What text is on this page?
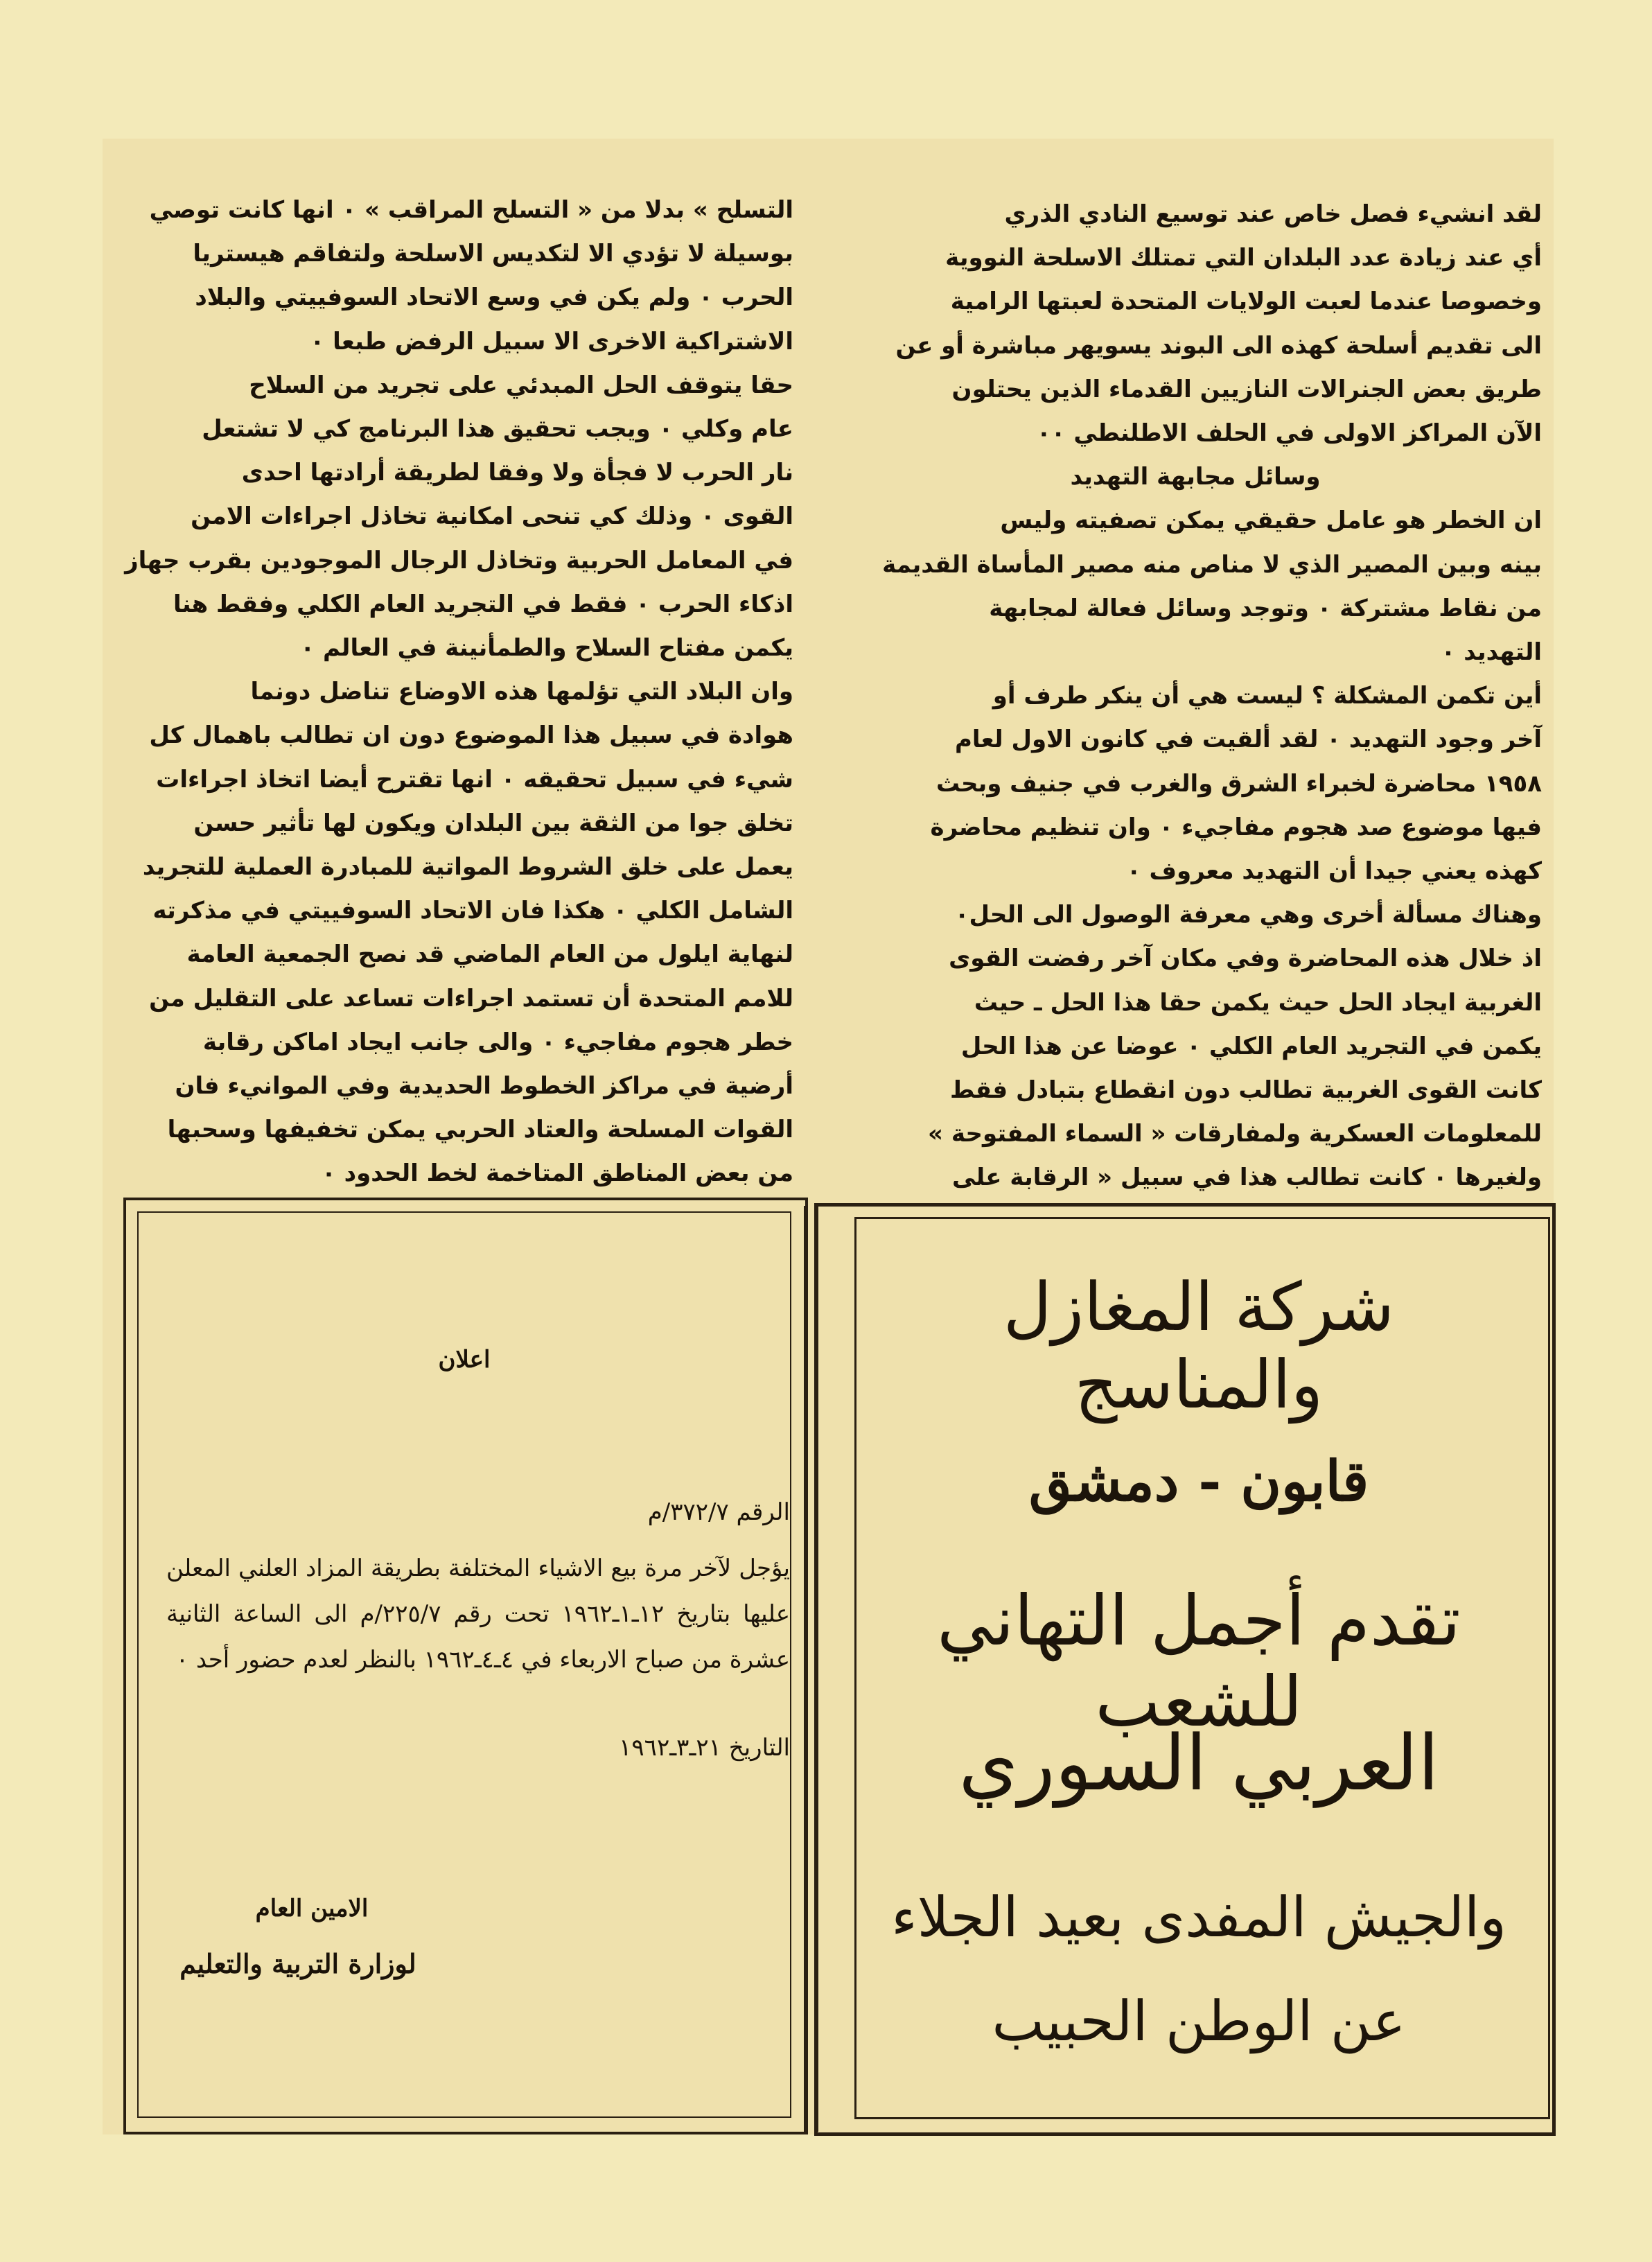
لقد انشيء فصل خاص عند توسيع النادي الذري

أي عند زيادة عدد البلدان التي تمتلك الاسلحة النووية

وخصوصا عندما لعبت الولايات المتحدة لعبتها الرامية

الى تقديم أسلحة كهذه الى البوند يسويهر مباشرة أو عن

طريق بعض الجنرالات النازيين القدماء الذين يحتلون

الآن المراكز الاولى في الحلف الاطلنطي ٠٠

وسائل مجابهة التهديد

ان الخطر هو عامل حقيقي يمكن تصفيته وليس

بينه وبين المصير الذي لا مناص منه مصير المأساة القديمة

من نقاط مشتركة ٠ وتوجد وسائل فعالة لمجابهة

التهديد ٠

أين تكمن المشكلة ؟ ليست هي أن ينكر طرف أو

آخر وجود التهديد ٠ لقد ألقيت في كانون الاول لعام

١٩٥٨ محاضرة لخبراء الشرق والغرب في جنيف وبحث

فيها موضوع صد هجوم مفاجيء ٠ وان تنظيم محاضرة

كهذه يعني جيدا أن التهديد معروف ٠

وهناك مسألة أخرى وهي معرفة الوصول الى الحل٠

اذ خلال هذه المحاضرة وفي مكان آخر رفضت القوى

الغربية ايجاد الحل حيث يكمن حقا هذا الحل ـ حيث

يكمن في التجريد العام الكلي ٠ عوضا عن هذا الحل

كانت القوى الغربية تطالب دون انقطاع بتبادل فقط

للمعلومات العسكرية ولمفارقات « السماء المفتوحة »

ولغيرها ٠ كانت تطالب هذا في سبيل « الرقابة على

التسلح » بدلا من « التسلح المراقب » ٠ انها كانت توصي

بوسيلة لا تؤدي الا لتكديس الاسلحة ولتفاقم هيستريا

الحرب ٠ ولم يكن في وسع الاتحاد السوفييتي والبلاد

الاشتراكية الاخرى الا سبيل الرفض طبعا ٠

حقا يتوقف الحل المبدئي على تجريد من السلاح

عام وكلي ٠ ويجب تحقيق هذا البرنامج كي لا تشتعل

نار الحرب لا فجأة ولا وفقا لطريقة أرادتها احدى

القوى ٠ وذلك كي تنحى امكانية تخاذل اجراءات الامن

في المعامل الحربية وتخاذل الرجال الموجودين بقرب جهاز

اذكاء الحرب ٠ فقط في التجريد العام الكلي وفقط هنا

يكمن مفتاح السلاح والطمأنينة في العالم ٠

وان البلاد التي تؤلمها هذه الاوضاع تناضل دونما

هوادة في سبيل هذا الموضوع دون ان تطالب باهمال كل

شيء في سبيل تحقيقه ٠ انها تقترح أيضا اتخاذ اجراءات

تخلق جوا من الثقة بين البلدان ويكون لها تأثير حسن

يعمل على خلق الشروط المواتية للمبادرة العملية للتجريد

الشامل الكلي ٠ هكذا فان الاتحاد السوفييتي في مذكرته

لنهاية ايلول من العام الماضي قد نصح الجمعية العامة

للامم المتحدة أن تستمد اجراءات تساعد على التقليل من

خطر هجوم مفاجيء ٠ والى جانب ايجاد اماكن رقابة

أرضية في مراكز الخطوط الحديدية وفي الموانيء فان

القوات المسلحة والعتاد الحربي يمكن تخفيفها وسحبها

من بعض المناطق المتاخمة لخط الحدود ٠

شركة المغازل والمناسج
قابون - دمشق
تقدم أجمل التهاني للشعب
العربي السوري
والجيش المفدى بعيد الجلاء
عن الوطن الحبيب
اعلان
الرقم ٣٧٢/٧/م
يؤجل لآخر مرة بيع الاشياء المختلفة بطريقة المزاد العلني المعلن عليها بتاريخ ١٢ـ١ـ١٩٦٢ تحت رقم ٢٢٥/٧/م الى الساعة الثانية عشرة من صباح الاربعاء في ٤ـ٤ـ١٩٦٢ بالنظر لعدم حضور أحد ٠
التاريخ ٢١ـ٣ـ١٩٦٢
الامين العام
لوزارة التربية والتعليم
